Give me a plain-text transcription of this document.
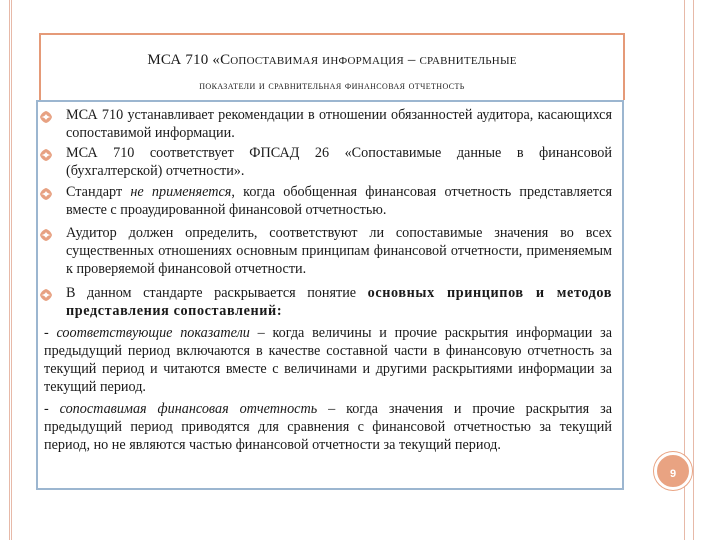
МСА 710 «Сопоставимая информация – сравнительные
показатели и сравнительная финансовая отчетность
МСА 710 устанавливает рекомендации в отношении обязанностей аудитора, касающихся сопоставимой информации.
МСА 710 соответствует ФПСАД 26 «Сопоставимые данные в финансовой (бухгалтерской) отчетности».
Стандарт не применяется, когда обобщенная финансовая отчетность представляется вместе с проаудированной финансовой отчетностью.
Аудитор должен определить, соответствуют ли сопоставимые значения во всех существенных отношениях основным принципам финансовой отчетности, применяемым к проверяемой финансовой отчетности.
В данном стандарте раскрывается понятие основных принципов и методов представления сопоставлений:
- соответствующие показатели – когда величины и прочие раскрытия информации за предыдущий период включаются в качестве составной части в финансовую отчетность за текущий период и читаются вместе с величинами и другими раскрытиями информации за текущий период.
- сопоставимая финансовая отчетность – когда значения и прочие раскрытия за предыдущий период приводятся для сравнения с финансовой отчетностью за текущий период, но не являются частью финансовой отчетности за текущий период.
9
